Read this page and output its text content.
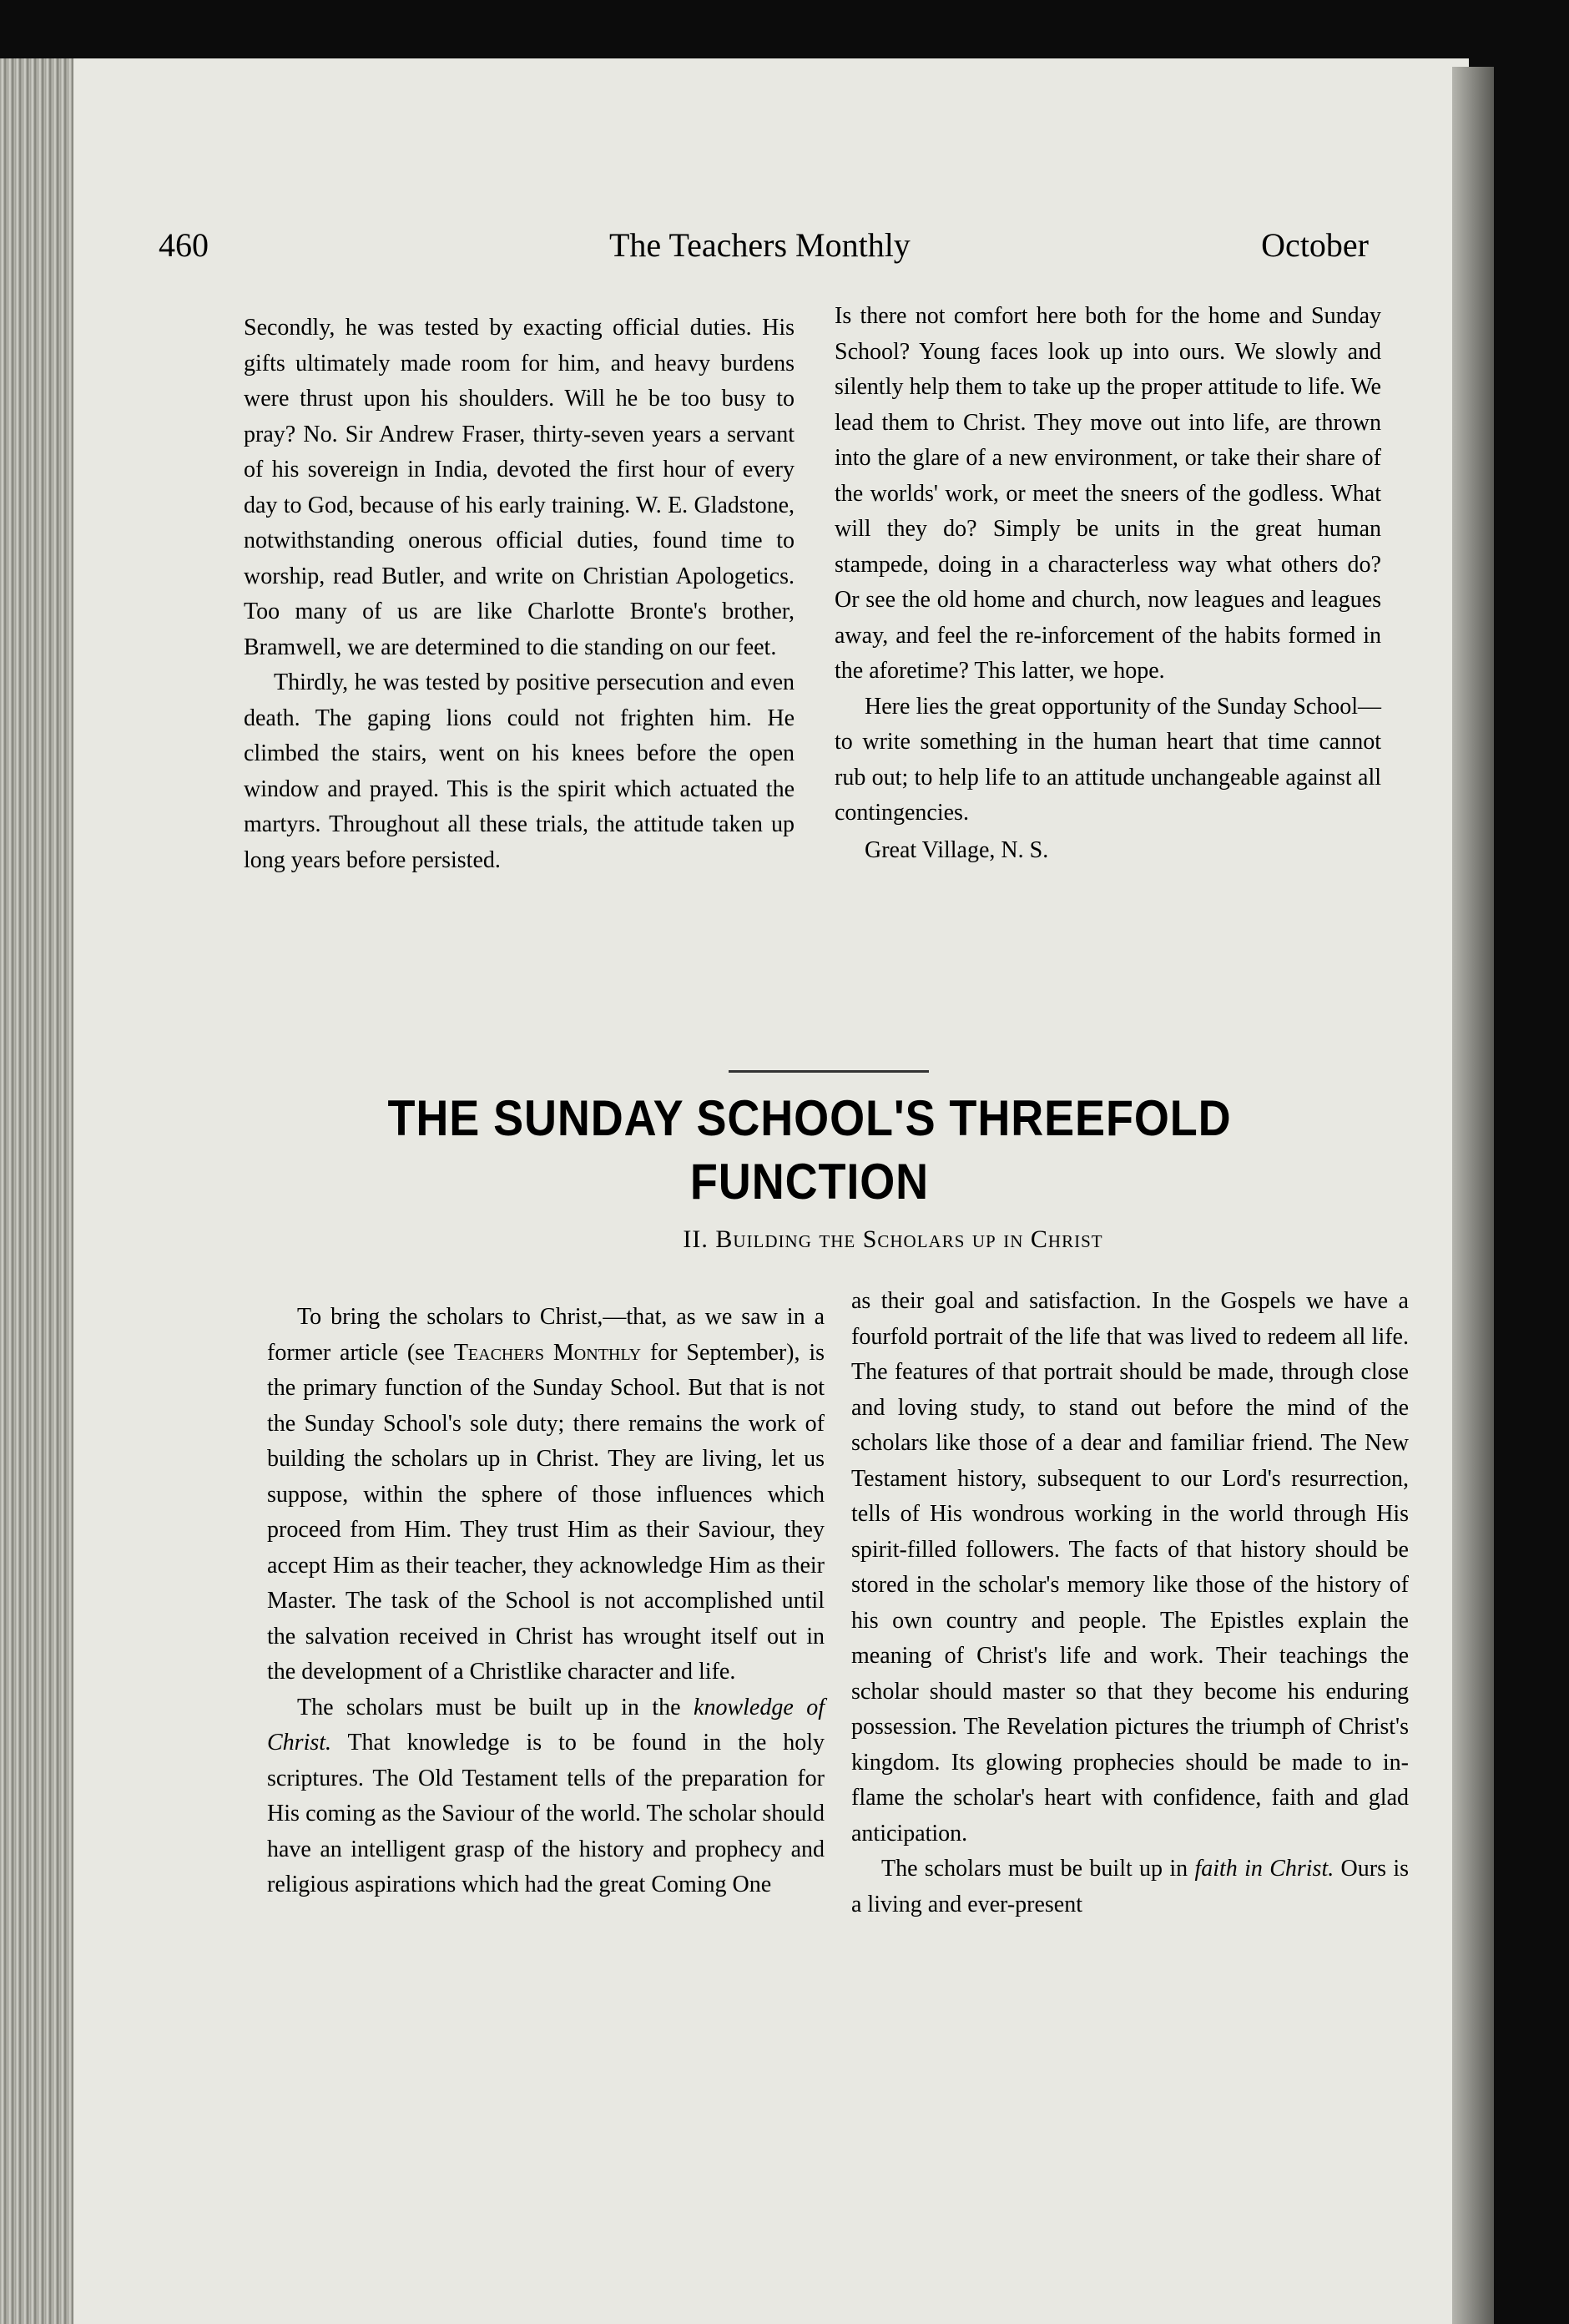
460	The Teachers Monthly	October

Secondly, he was tested by exacting official duties. His gifts ultimately made room for him, and heavy burdens were thrust upon his shoulders. Will he be too busy to pray? No. Sir Andrew Fraser, thirty-seven years a servant of his sovereign in India, devoted the first hour of every day to God, because of his early training. W. E. Gladstone, notwithstanding onerous official duties, found time to worship, read Butler, and write on Christian Apologetics. Too many of us are like Charlotte Bronte's brother, Bramwell, we are determined to die standing on our feet.

Thirdly, he was tested by positive persecution and even death. The gaping lions could not frighten him. He climbed the stairs, went on his knees before the open window and prayed. This is the spirit which actuated the martyrs. Throughout all these trials, the attitude taken up long years before persisted.

Is there not comfort here both for the home and Sunday School? Young faces look up into ours. We slowly and silently help them to take up the proper attitude to life. We lead them to Christ. They move out into life, are thrown into the glare of a new environment, or take their share of the worlds' work, or meet the sneers of the godless. What will they do? Simply be units in the great human stampede, doing in a characterless way what others do? Or see the old home and church, now leagues and leagues away, and feel the re-inforcement of the habits formed in the aforetime? This latter, we hope.

Here lies the great opportunity of the Sunday School—to write something in the human heart that time cannot rub out; to help life to an attitude unchangeable against all contingencies.

Great Village, N. S.

THE SUNDAY SCHOOL'S THREEFOLD
FUNCTION
II. Building the Scholars up in Christ

To bring the scholars to Christ,—that, as we saw in a former article (see Teachers Monthly for September), is the primary function of the Sunday School. But that is not the Sunday School's sole duty; there remains the work of building the scholars up in Christ. They are living, let us suppose, within the sphere of those influences which proceed from Him. They trust Him as their Saviour, they accept Him as their teacher, they acknowledge Him as their Master. The task of the School is not accomplished until the salvation received in Christ has wrought itself out in the development of a Christlike character and life.

The scholars must be built up in the knowledge of Christ. That knowledge is to be found in the holy scriptures. The Old Testament tells of the preparation for His coming as the Saviour of the world. The scholar should have an intelligent grasp of the history and prophecy and religious aspirations which had the great Coming One

as their goal and satisfaction. In the Gospels we have a fourfold portrait of the life that was lived to redeem all life. The features of that portrait should be made, through close and loving study, to stand out before the mind of the scholars like those of a dear and familiar friend. The New Testament history, subsequent to our Lord's resurrection, tells of His wondrous working in the world through His spirit-filled followers. The facts of that history should be stored in the scholar's memory like those of the history of his own country and people. The Epistles explain the meaning of Christ's life and work. Their teachings the scholar should master so that they become his enduring possession. The Revelation pictures the triumph of Christ's kingdom. Its glowing prophecies should be made to inflame the scholar's heart with confidence, faith and glad anticipation.

The scholars must be built up in faith in Christ. Ours is a living and ever-present
